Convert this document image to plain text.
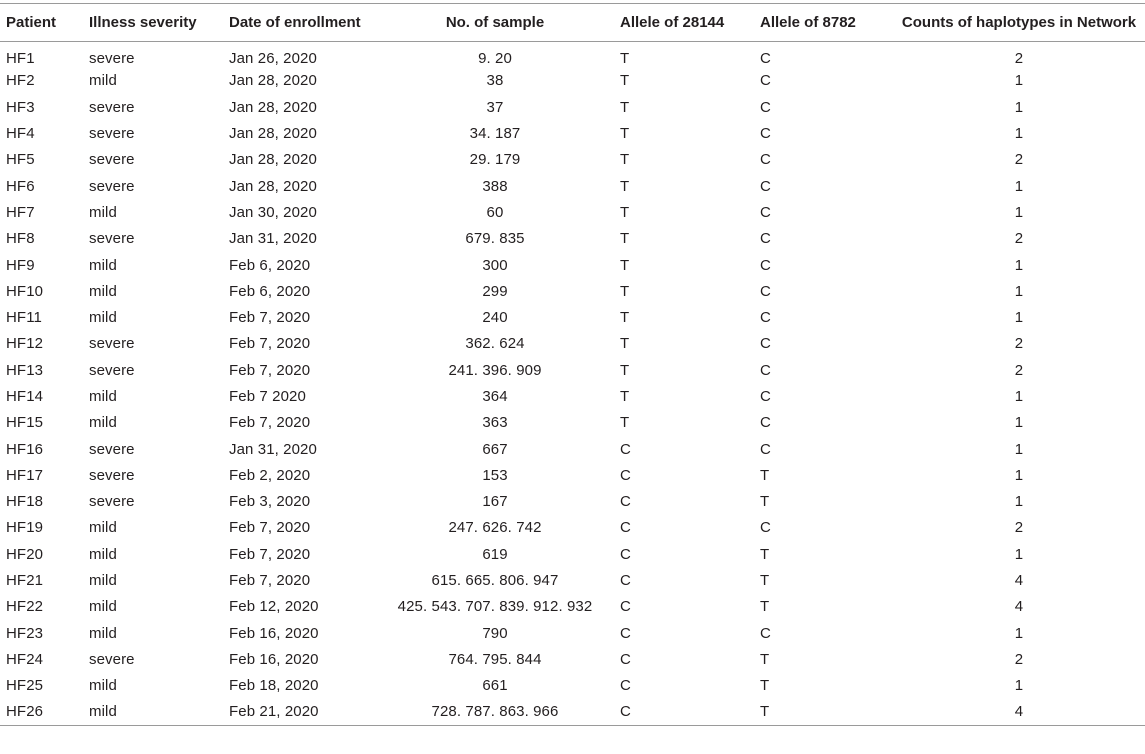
Patient	Illness severity	Date of enrollment	No. of sample	Allele of 28144	Allele of 8782	Counts of haplotypes in Network
HF1	severe	Jan 26, 2020	9. 20	T	C	2
HF2	mild	Jan 28, 2020	38	T	C	1
HF3	severe	Jan 28, 2020	37	T	C	1
HF4	severe	Jan 28, 2020	34. 187	T	C	1
HF5	severe	Jan 28, 2020	29. 179	T	C	2
HF6	severe	Jan 28, 2020	388	T	C	1
HF7	mild	Jan 30, 2020	60	T	C	1
HF8	severe	Jan 31, 2020	679. 835	T	C	2
HF9	mild	Feb 6, 2020	300	T	C	1
HF10	mild	Feb 6, 2020	299	T	C	1
HF11	mild	Feb 7, 2020	240	T	C	1
HF12	severe	Feb 7, 2020	362. 624	T	C	2
HF13	severe	Feb 7, 2020	241. 396. 909	T	C	2
HF14	mild	Feb 7 2020	364	T	C	1
HF15	mild	Feb 7, 2020	363	T	C	1
HF16	severe	Jan 31, 2020	667	C	C	1
HF17	severe	Feb 2, 2020	153	C	T	1
HF18	severe	Feb 3, 2020	167	C	T	1
HF19	mild	Feb 7, 2020	247. 626. 742	C	C	2
HF20	mild	Feb 7, 2020	619	C	T	1
HF21	mild	Feb 7, 2020	615. 665. 806. 947	C	T	4
HF22	mild	Feb 12, 2020	425. 543. 707. 839. 912. 932	C	T	4
HF23	mild	Feb 16, 2020	790	C	C	1
HF24	severe	Feb 16, 2020	764. 795. 844	C	T	2
HF25	mild	Feb 18, 2020	661	C	T	1
HF26	mild	Feb 21, 2020	728. 787. 863. 966	C	T	4
